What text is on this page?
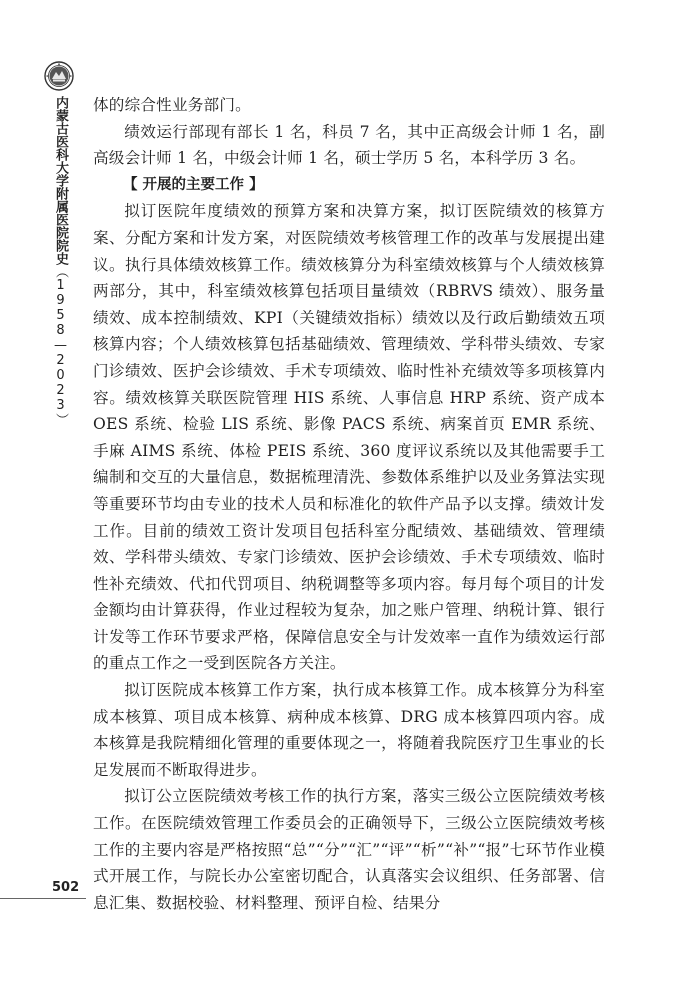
内蒙古医科大学附属医院院史（1958—2023）
502

体的综合性业务部门。

绩效运行部现有部长 1 名，科员 7 名，其中正高级会计师 1 名，副高级会计师 1 名，中级会计师 1 名，硕士学历 5 名，本科学历 3 名。

【 开展的主要工作 】

拟订医院年度绩效的预算方案和决算方案，拟订医院绩效的核算方案、分配方案和计发方案，对医院绩效考核管理工作的改革与发展提出建议。执行具体绩效核算工作。绩效核算分为科室绩效核算与个人绩效核算两部分，其中，科室绩效核算包括项目量绩效（RBRVS 绩效）、服务量绩效、成本控制绩效、KPI（关键绩效指标）绩效以及行政后勤绩效五项核算内容；个人绩效核算包括基础绩效、管理绩效、学科带头绩效、专家门诊绩效、医护会诊绩效、手术专项绩效、临时性补充绩效等多项核算内容。绩效核算关联医院管理 HIS 系统、人事信息 HRP 系统、资产成本 OES 系统、检验 LIS 系统、影像 PACS 系统、病案首页 EMR 系统、手麻 AIMS 系统、体检 PEIS 系统、360 度评议系统以及其他需要手工编制和交互的大量信息，数据梳理清洗、参数体系维护以及业务算法实现等重要环节均由专业的技术人员和标准化的软件产品予以支撑。绩效计发工作。目前的绩效工资计发项目包括科室分配绩效、基础绩效、管理绩效、学科带头绩效、专家门诊绩效、医护会诊绩效、手术专项绩效、临时性补充绩效、代扣代罚项目、纳税调整等多项内容。每月每个项目的计发金额均由计算获得，作业过程较为复杂，加之账户管理、纳税计算、银行计发等工作环节要求严格，保障信息安全与计发效率一直作为绩效运行部的重点工作之一受到医院各方关注。

拟订医院成本核算工作方案，执行成本核算工作。成本核算分为科室成本核算、项目成本核算、病种成本核算、DRG 成本核算四项内容。成本核算是我院精细化管理的重要体现之一，将随着我院医疗卫生事业的长足发展而不断取得进步。

拟订公立医院绩效考核工作的执行方案，落实三级公立医院绩效考核工作。在医院绩效管理工作委员会的正确领导下，三级公立医院绩效考核工作的主要内容是严格按照“总”“分”“汇”“评”“析”“补”“报”七环节作业模式开展工作，与院长办公室密切配合，认真落实会议组织、任务部署、信息汇集、数据校验、材料整理、预评自检、结果分
